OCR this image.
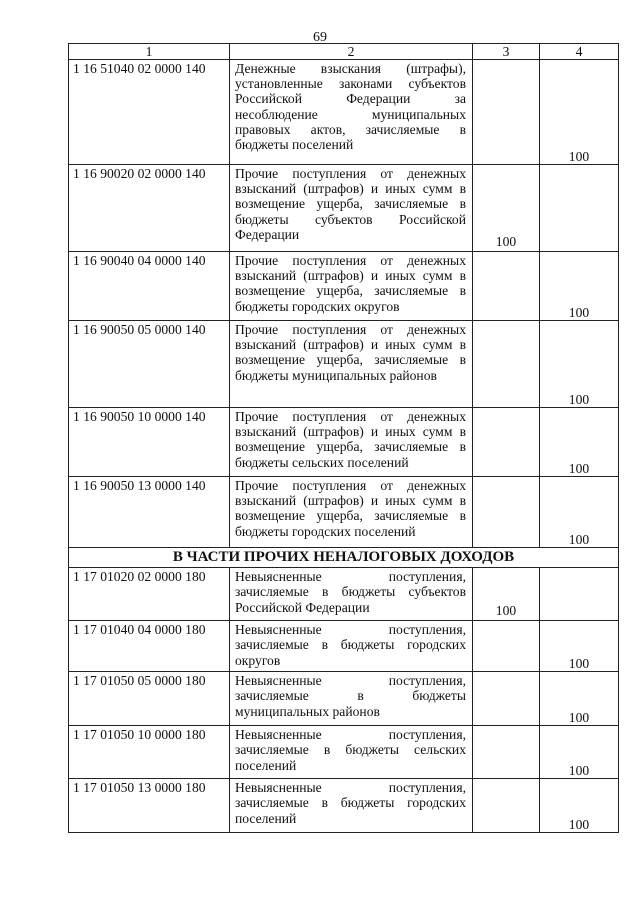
69
1	2	3	4
1 16 51040 02 0000 140	Денежные взыскания (штрафы), установленные законами субъектов Российской Федерации за несоблюдение муниципальных правовых актов, зачисляемые в бюджеты поселений		100
1 16 90020 02 0000 140	Прочие поступления от денежных взысканий (штрафов) и иных сумм в возмещение ущерба, зачисляемые в бюджеты субъектов Российской Федерации	100	
1 16 90040 04 0000 140	Прочие поступления от денежных взысканий (штрафов) и иных сумм в возмещение ущерба, зачисляемые в бюджеты городских округов		100
1 16 90050 05 0000 140	Прочие поступления от денежных взысканий (штрафов) и иных сумм в возмещение ущерба, зачисляемые в бюджеты муниципальных районов		100
1 16 90050 10 0000 140	Прочие поступления от денежных взысканий (штрафов) и иных сумм в возмещение ущерба, зачисляемые в бюджеты сельских поселений		100
1 16 90050 13 0000 140	Прочие поступления от денежных взысканий (штрафов) и иных сумм в возмещение ущерба, зачисляемые в бюджеты городских поселений		100
В ЧАСТИ ПРОЧИХ НЕНАЛОГОВЫХ ДОХОДОВ			
1 17 01020 02 0000 180	Невыясненные поступления, зачисляемые в бюджеты субъектов Российской Федерации	100	
1 17 01040 04 0000 180	Невыясненные поступления, зачисляемые в бюджеты городских округов		100
1 17 01050 05 0000 180	Невыясненные поступления, зачисляемые в бюджеты муниципальных районов		100
1 17 01050 10 0000 180	Невыясненные поступления, зачисляемые в бюджеты сельских поселений		100
1 17 01050 13 0000 180	Невыясненные поступления, зачисляемые в бюджеты городских поселений		100
